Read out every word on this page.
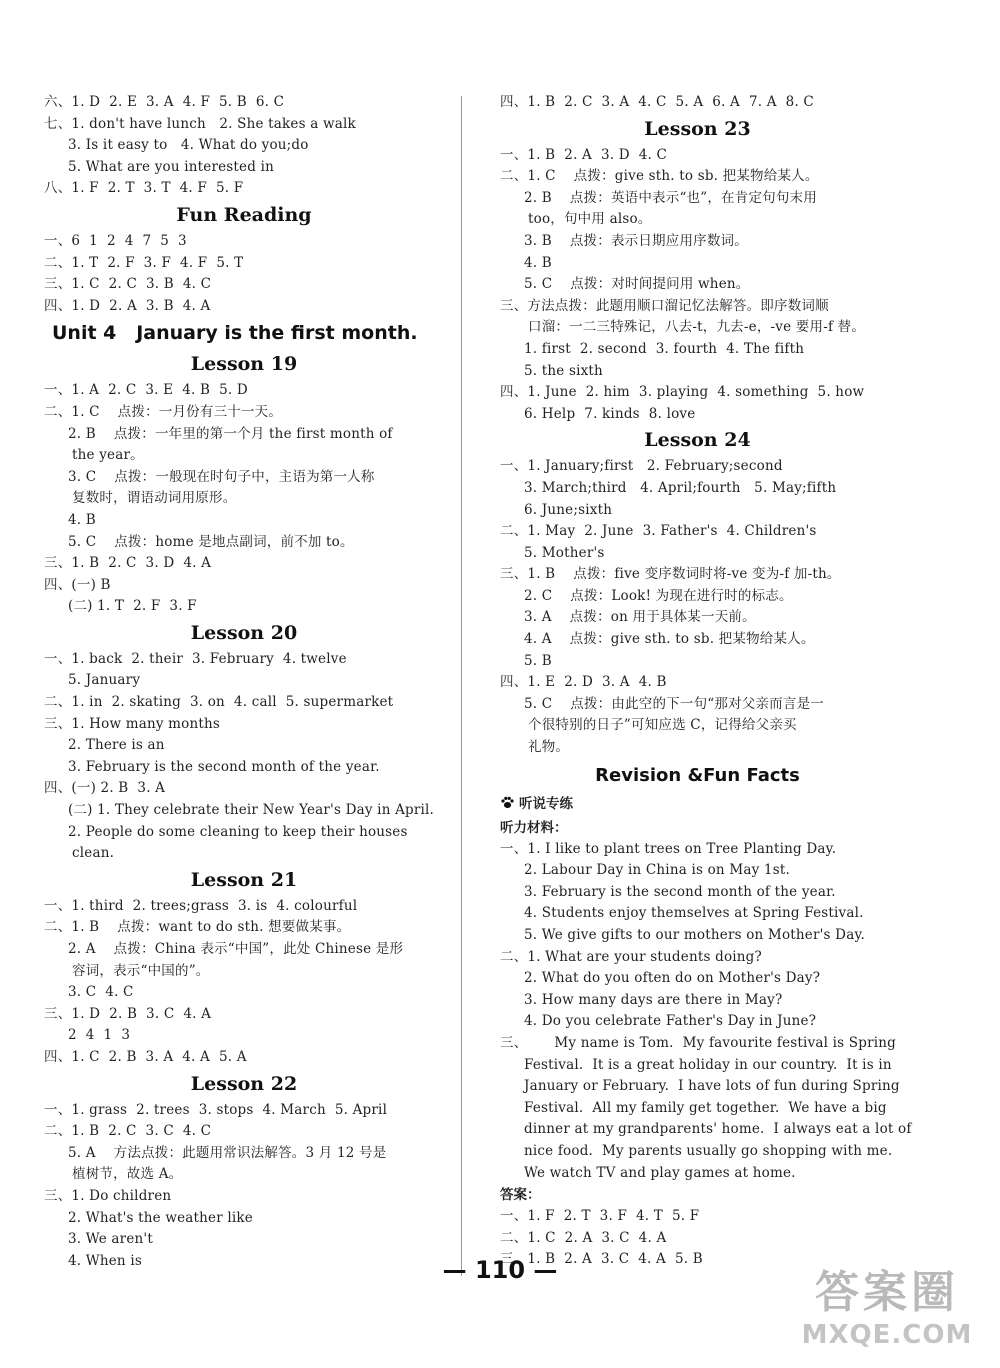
六、1. D  2. E  3. A  4. F  5. B  6. C
七、1. don't have lunch   2. She takes a walk
3. Is it easy to   4. What do you;do
5. What are you interested in
八、1. F  2. T  3. T  4. F  5. F
Fun Reading
一、6  1  2  4  7  5  3
二、1. T  2. F  3. F  4. F  5. T
三、1. C  2. C  3. B  4. C
四、1. D  2. A  3. B  4. A
Unit 4   January is the first month.
Lesson 19
一、1. A  2. C  3. E  4. B  5. D
二、1. C    点拨：一月份有三十一天。
2. B    点拨：一年里的第一个月 the first month of
the year。
3. C    点拨：一般现在时句子中，主语为第一人称
复数时，谓语动词用原形。
4. B
5. C    点拨：home 是地点副词，前不加 to。
三、1. B  2. C  3. D  4. A
四、(一) B
(二) 1. T  2. F  3. F
Lesson 20
一、1. back  2. their  3. February  4. twelve
5. January
二、1. in  2. skating  3. on  4. call  5. supermarket
三、1. How many months
2. There is an
3. February is the second month of the year.
四、(一) 2. B  3. A
(二) 1. They celebrate their New Year's Day in April.
2. People do some cleaning to keep their houses
clean.
Lesson 21
一、1. third  2. trees;grass  3. is  4. colourful
二、1. B    点拨：want to do sth. 想要做某事。
2. A    点拨：China 表示“中国”，此处 Chinese 是形
容词，表示“中国的”。
3. C  4. C
三、1. D  2. B  3. C  4. A
2  4  1  3
四、1. C  2. B  3. A  4. A  5. A
Lesson 22
一、1. grass  2. trees  3. stops  4. March  5. April
二、1. B  2. C  3. C  4. C
5. A    方法点拨：此题用常识法解答。3 月 12 号是
植树节，故选 A。
三、1. Do children
2. What's the weather like
3. We aren't
4. When is
四、1. B  2. C  3. A  4. C  5. A  6. A  7. A  8. C
Lesson 23
一、1. B  2. A  3. D  4. C
二、1. C    点拨：give sth. to sb. 把某物给某人。
2. B    点拨：英语中表示“也”，在肯定句句末用
too，句中用 also。
3. B    点拨：表示日期应用序数词。
4. B
5. C    点拨：对时间提问用 when。
三、方法点拨：此题用顺口溜记忆法解答。即序数词顺
口溜：一二三特殊记，八去-t，九去-e，-ve 要用-f 替。
1. first  2. second  3. fourth  4. The fifth
5. the sixth
四、1. June  2. him  3. playing  4. something  5. how
6. Help  7. kinds  8. love
Lesson 24
一、1. January;first   2. February;second
3. March;third   4. April;fourth   5. May;fifth
6. June;sixth
二、1. May  2. June  3. Father's  4. Children's
5. Mother's
三、1. B    点拨：five 变序数词时将-ve 变为-f 加-th。
2. C    点拨：Look! 为现在进行时的标志。
3. A    点拨：on 用于具体某一天前。
4. A    点拨：give sth. to sb. 把某物给某人。
5. B
四、1. E  2. D  3. A  4. B
5. C    点拨：由此空的下一句“那对父亲而言是一
个很特别的日子”可知应选 C，记得给父亲买
礼物。
Revision &Fun Facts
听说专练
听力材料：
一、1. I like to plant trees on Tree Planting Day.
2. Labour Day in China is on May 1st.
3. February is the second month of the year.
4. Students enjoy themselves at Spring Festival.
5. We give gifts to our mothers on Mother's Day.
二、1. What are your students doing?
2. What do you often do on Mother's Day?
3. How many days are there in May?
4. Do you celebrate Father's Day in June?
三、      My name is Tom.  My favourite festival is Spring
Festival.  It is a great holiday in our country.  It is in
January or February.  I have lots of fun during Spring
Festival.  All my family get together.  We have a big
dinner at my grandparents' home.  I always eat a lot of
nice food.  My parents usually go shopping with me.
We watch TV and play games at home.
答案：
一、1. F  2. T  3. F  4. T  5. F
二、1. C  2. A  3. C  4. A
三、1. B  2. A  3. C  4. A  5. B
— 110 —	答案圈
MXQE.COM
